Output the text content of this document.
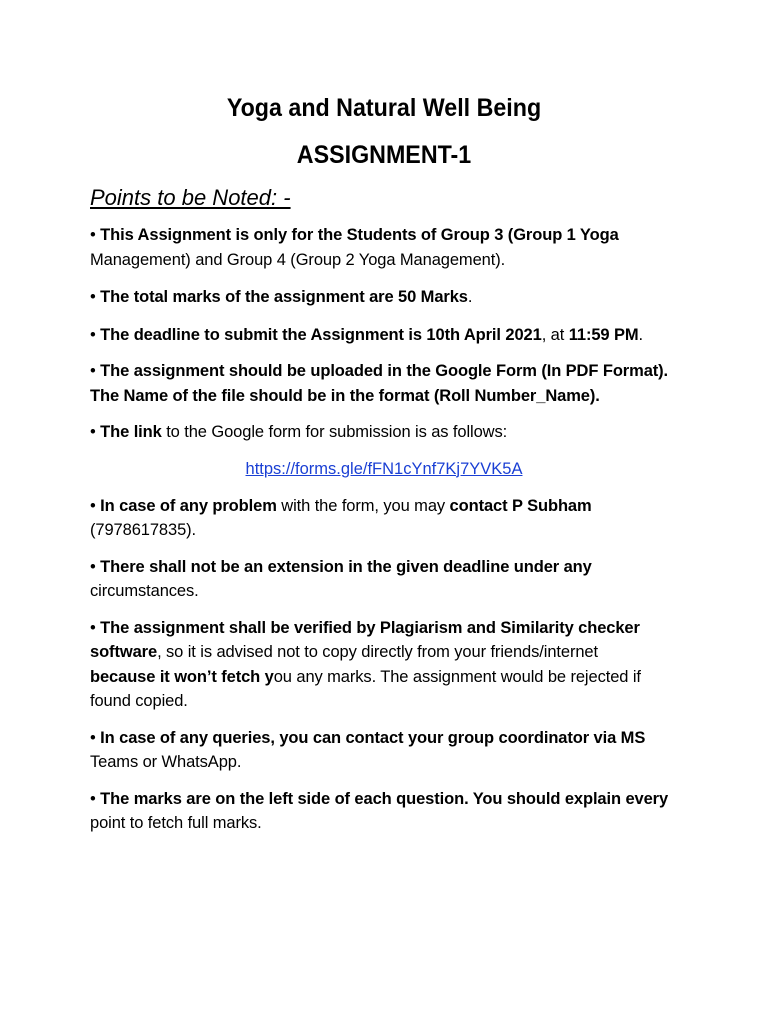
Yoga and Natural Well Being
ASSIGNMENT-1

Points to be Noted: -

• This Assignment is only for the Students of Group 3 (Group 1 Yoga
Management) and Group 4 (Group 2 Yoga Management).

• The total marks of the assignment are 50 Marks.

• The deadline to submit the Assignment is 10th April 2021, at 11:59 PM.

• The assignment should be uploaded in the Google Form (In PDF Format).
The Name of the file should be in the format (Roll Number_Name).

• The link to the Google form for submission is as follows:

https://forms.gle/fFN1cYnf7Kj7YVK5A

• In case of any problem with the form, you may contact P Subham
(7978617835).

• There shall not be an extension in the given deadline under any
circumstances.

• The assignment shall be verified by Plagiarism and Similarity checker
software, so it is advised not to copy directly from your friends/internet
because it won’t fetch you any marks. The assignment would be rejected if
found copied.

• In case of any queries, you can contact your group coordinator via MS
Teams or WhatsApp.

• The marks are on the left side of each question. You should explain every
point to fetch full marks.
